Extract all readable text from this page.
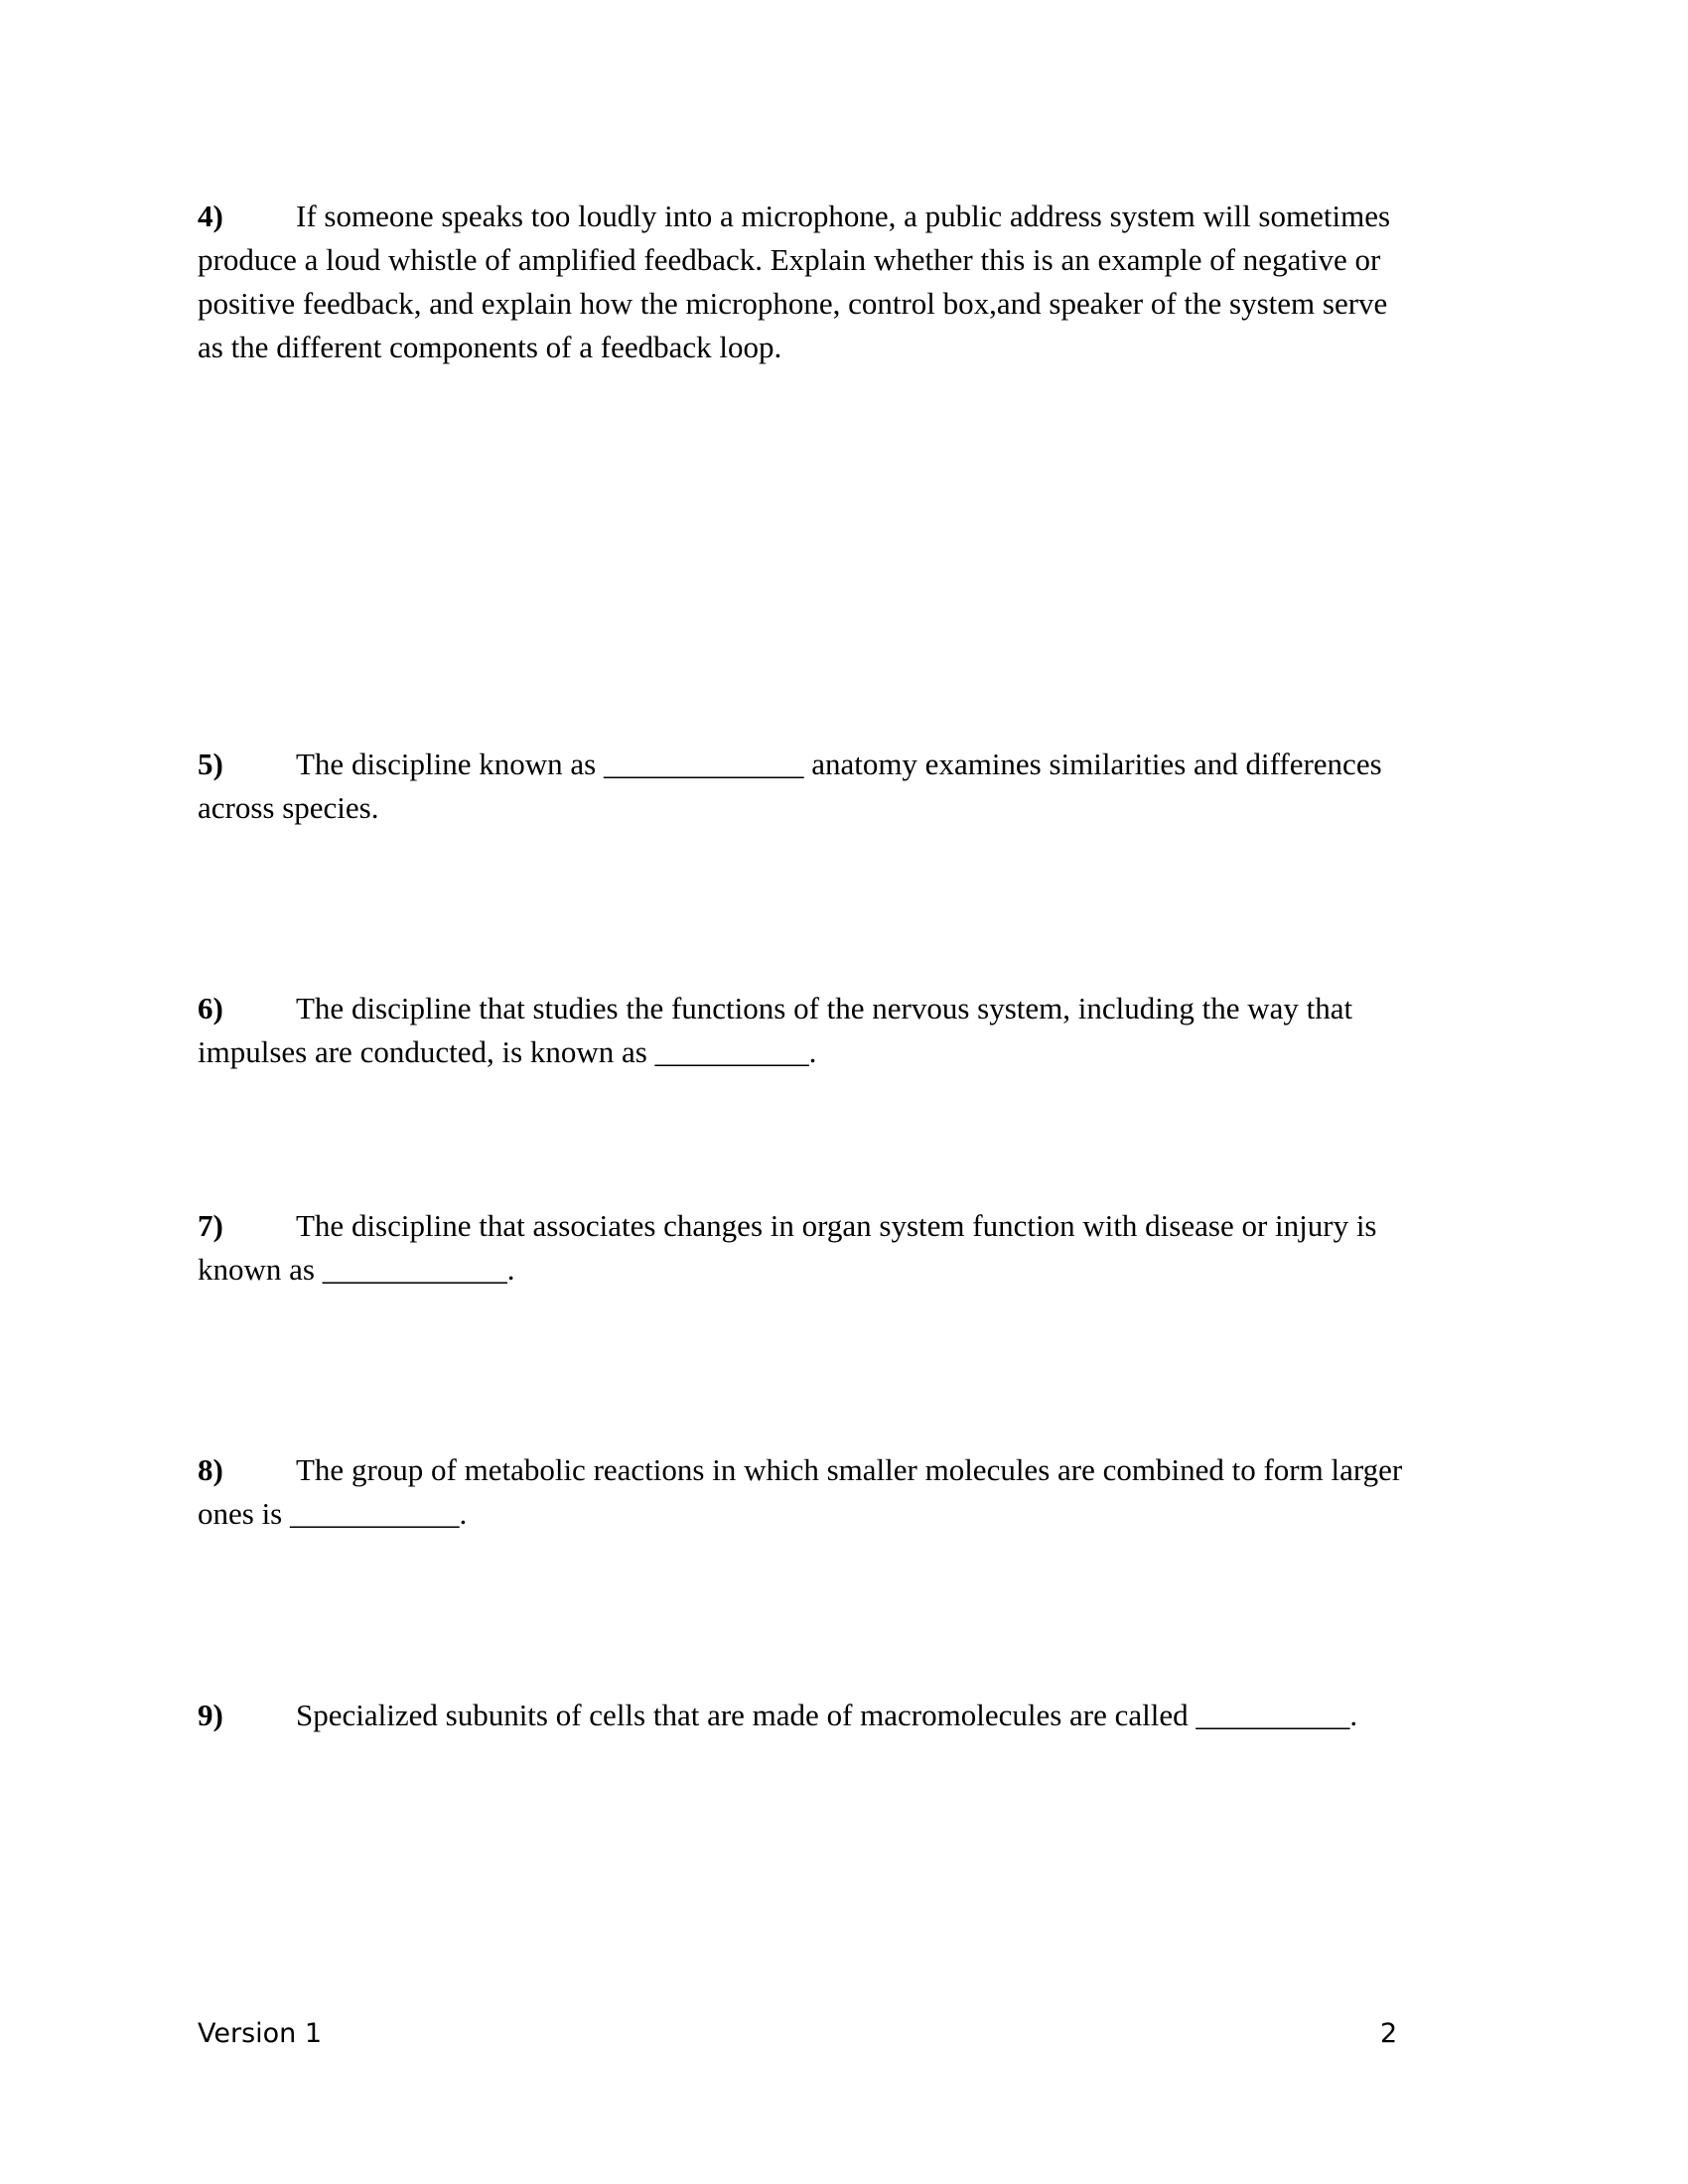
4) If someone speaks too loudly into a microphone, a public address system will sometimes
produce a loud whistle of amplified feedback. Explain whether this is an example of negative or
positive feedback, and explain how the microphone, control box,and speaker of the system serve
as the different components of a feedback loop.
5) The discipline known as _____________ anatomy examines similarities and differences
across species.
6) The discipline that studies the functions of the nervous system, including the way that
impulses are conducted, is known as __________.
7) The discipline that associates changes in organ system function with disease or injury is
known as ____________.
8) The group of metabolic reactions in which smaller molecules are combined to form larger
ones is ___________.
9) Specialized subunits of cells that are made of macromolecules are called __________.
Version 1	2
